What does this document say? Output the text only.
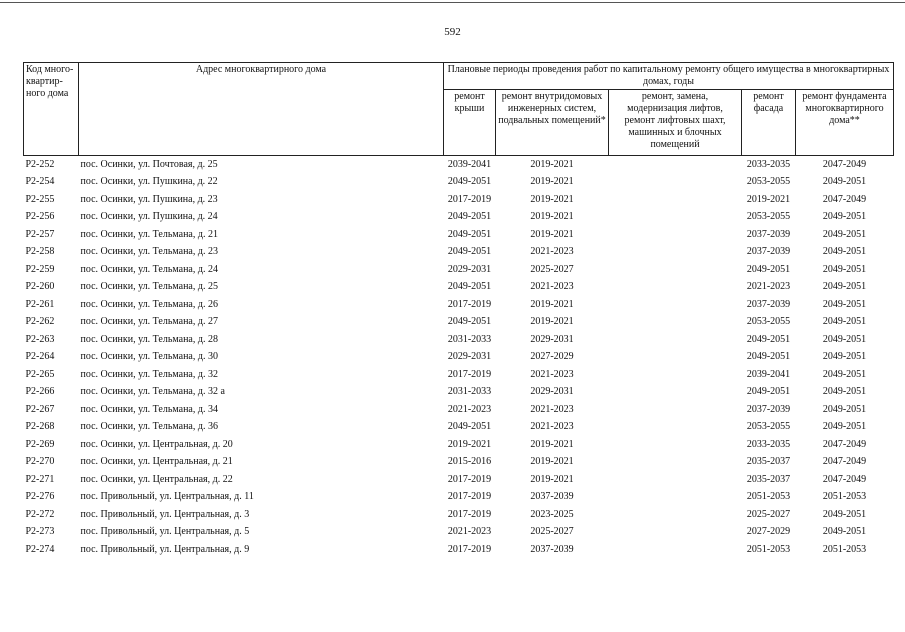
592
Код много-квартир-ного дома	Адрес многоквартирного дома	Плановые периоды проведения работ по капитальному ремонту общего имущества в многоквартирных домах, годы				
		ремонт крыши	ремонт внутридомовых инженерных систем, подвальных помещений*	ремонт, замена, модернизация лифтов, ремонт лифтовых шахт, машинных и блочных помещений	ремонт фасада	ремонт фундамента многоквартирного дома**
P2-252	пос. Осинки, ул. Почтовая, д. 25	2039-2041	2019-2021		2033-2035	2047-2049
P2-254	пос. Осинки, ул. Пушкина, д. 22	2049-2051	2019-2021		2053-2055	2049-2051
P2-255	пос. Осинки, ул. Пушкина, д. 23	2017-2019	2019-2021		2019-2021	2047-2049
P2-256	пос. Осинки, ул. Пушкина, д. 24	2049-2051	2019-2021		2053-2055	2049-2051
P2-257	пос. Осинки, ул. Тельмана, д. 21	2049-2051	2019-2021		2037-2039	2049-2051
P2-258	пос. Осинки, ул. Тельмана, д. 23	2049-2051	2021-2023		2037-2039	2049-2051
P2-259	пос. Осинки, ул. Тельмана, д. 24	2029-2031	2025-2027		2049-2051	2049-2051
P2-260	пос. Осинки, ул. Тельмана, д. 25	2049-2051	2021-2023		2021-2023	2049-2051
P2-261	пос. Осинки, ул. Тельмана, д. 26	2017-2019	2019-2021		2037-2039	2049-2051
P2-262	пос. Осинки, ул. Тельмана, д. 27	2049-2051	2019-2021		2053-2055	2049-2051
P2-263	пос. Осинки, ул. Тельмана, д. 28	2031-2033	2029-2031		2049-2051	2049-2051
P2-264	пос. Осинки, ул. Тельмана, д. 30	2029-2031	2027-2029		2049-2051	2049-2051
P2-265	пос. Осинки, ул. Тельмана, д. 32	2017-2019	2021-2023		2039-2041	2049-2051
P2-266	пос. Осинки, ул. Тельмана, д. 32 а	2031-2033	2029-2031		2049-2051	2049-2051
P2-267	пос. Осинки, ул. Тельмана, д. 34	2021-2023	2021-2023		2037-2039	2049-2051
P2-268	пос. Осинки, ул. Тельмана, д. 36	2049-2051	2021-2023		2053-2055	2049-2051
P2-269	пос. Осинки, ул. Центральная, д. 20	2019-2021	2019-2021		2033-2035	2047-2049
P2-270	пос. Осинки, ул. Центральная, д. 21	2015-2016	2019-2021		2035-2037	2047-2049
P2-271	пос. Осинки, ул. Центральная, д. 22	2017-2019	2019-2021		2035-2037	2047-2049
P2-276	пос. Привольный, ул. Центральная, д. 11	2017-2019	2037-2039		2051-2053	2051-2053
P2-272	пос. Привольный, ул. Центральная, д. 3	2017-2019	2023-2025		2025-2027	2049-2051
P2-273	пос. Привольный, ул. Центральная, д. 5	2021-2023	2025-2027		2027-2029	2049-2051
P2-274	пос. Привольный, ул. Центральная, д. 9	2017-2019	2037-2039		2051-2053	2051-2053
